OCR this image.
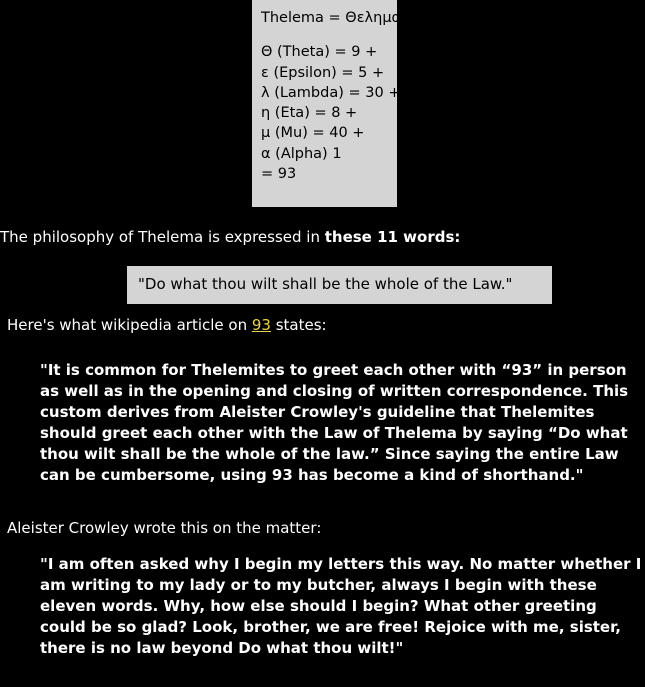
Thelema = Θελημα
Θ (Theta) = 9 +
ε (Epsilon) = 5 +
λ (Lambda) = 30 +
η (Eta) = 8 +
μ (Mu) = 40 +
α (Alpha) 1
= 93
The philosophy of Thelema is expressed in these 11 words:
"Do what thou wilt shall be the whole of the Law."
Here's what wikipedia article on 93 states:
"It is common for Thelemites to greet each other with “93” in person as well as in the opening and closing of written correspondence. This custom derives from Aleister Crowley's guideline that Thelemites should greet each other with the Law of Thelema by saying “Do what thou wilt shall be the whole of the law.” Since saying the entire Law can be cumbersome, using 93 has become a kind of shorthand."
Aleister Crowley wrote this on the matter:
"I am often asked why I begin my letters this way. No matter whether I am writing to my lady or to my butcher, always I begin with these eleven words. Why, how else should I begin? What other greeting could be so glad? Look, brother, we are free! Rejoice with me, sister, there is no law beyond Do what thou wilt!"
